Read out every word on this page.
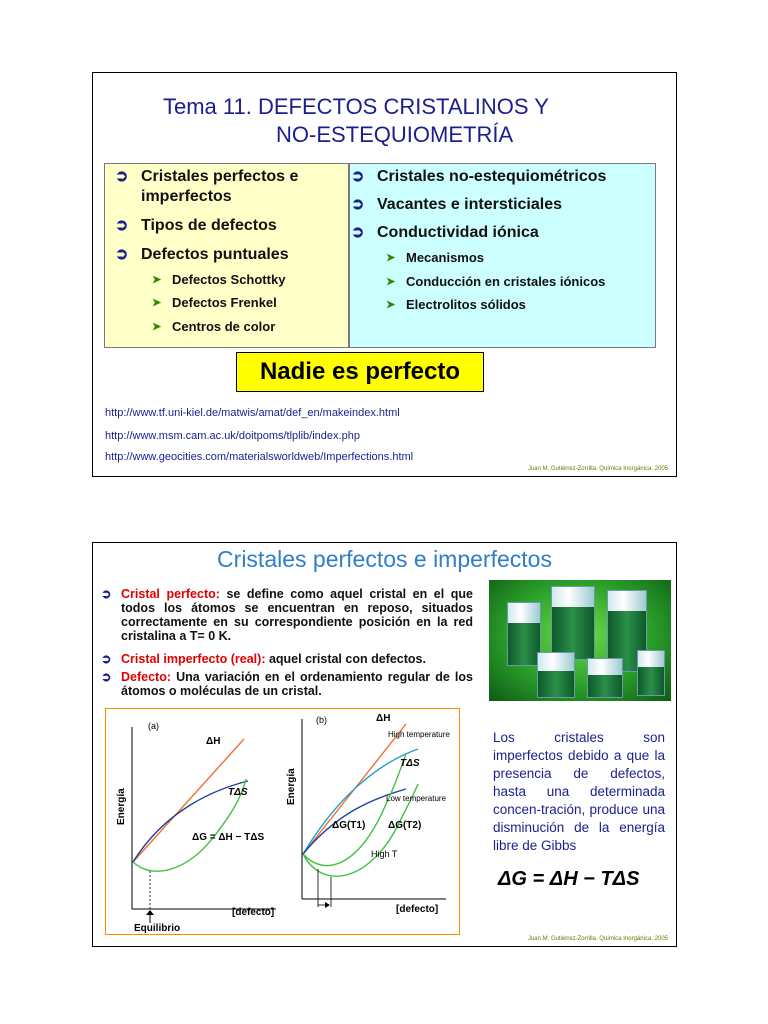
Tema 11. DEFECTOS CRISTALINOS Y
NO-ESTEQUIOMETRÍA
➲ Cristales perfectos e imperfectos
➲ Tipos de defectos
➲ Defectos puntuales
➤ Defectos Schottky
➤ Defectos Frenkel
➤ Centros de color
➲ Cristales no-estequiométricos
➲ Vacantes e intersticiales
➲ Conductividad iónica
➤ Mecanismos
➤ Conducción en cristales iónicos
➤ Electrolitos sólidos
Nadie es perfecto
http://www.tf.uni-kiel.de/matwis/amat/def_en/makeindex.html
http://www.msm.cam.ac.uk/doitpoms/tlplib/index.php
http://www.geocities.com/materialsworldweb/Imperfections.html
Juan M. Gutiérrez-Zorrilla. Química Inorgánica. 2005
Cristales perfectos e imperfectos
➲ Cristal perfecto: se define como aquel cristal en el que todos los átomos se encuentran en reposo, situados correctamente en su correspondiente posición en la red cristalina a T= 0 K.
➲ Cristal imperfecto (real): aquel cristal con defectos.
➲ Defecto: Una variación en el ordenamiento regular de los átomos o moléculas de un cristal.
(a)
Energía
ΔH
TΔS
ΔG = ΔH − TΔS
Equilibrio
[defecto]
(b)
Energía
ΔH
High temperature
TΔS
Low temperature
ΔG(T1) ΔG(T2)
High T
[defecto]
Los cristales son imperfectos debido a que la presencia de defectos, hasta una determinada concen-tración, produce una disminución de la energía libre de Gibbs
ΔG = ΔH − TΔS
Juan M. Gutiérrez-Zorrilla. Química Inorgánica. 2005
